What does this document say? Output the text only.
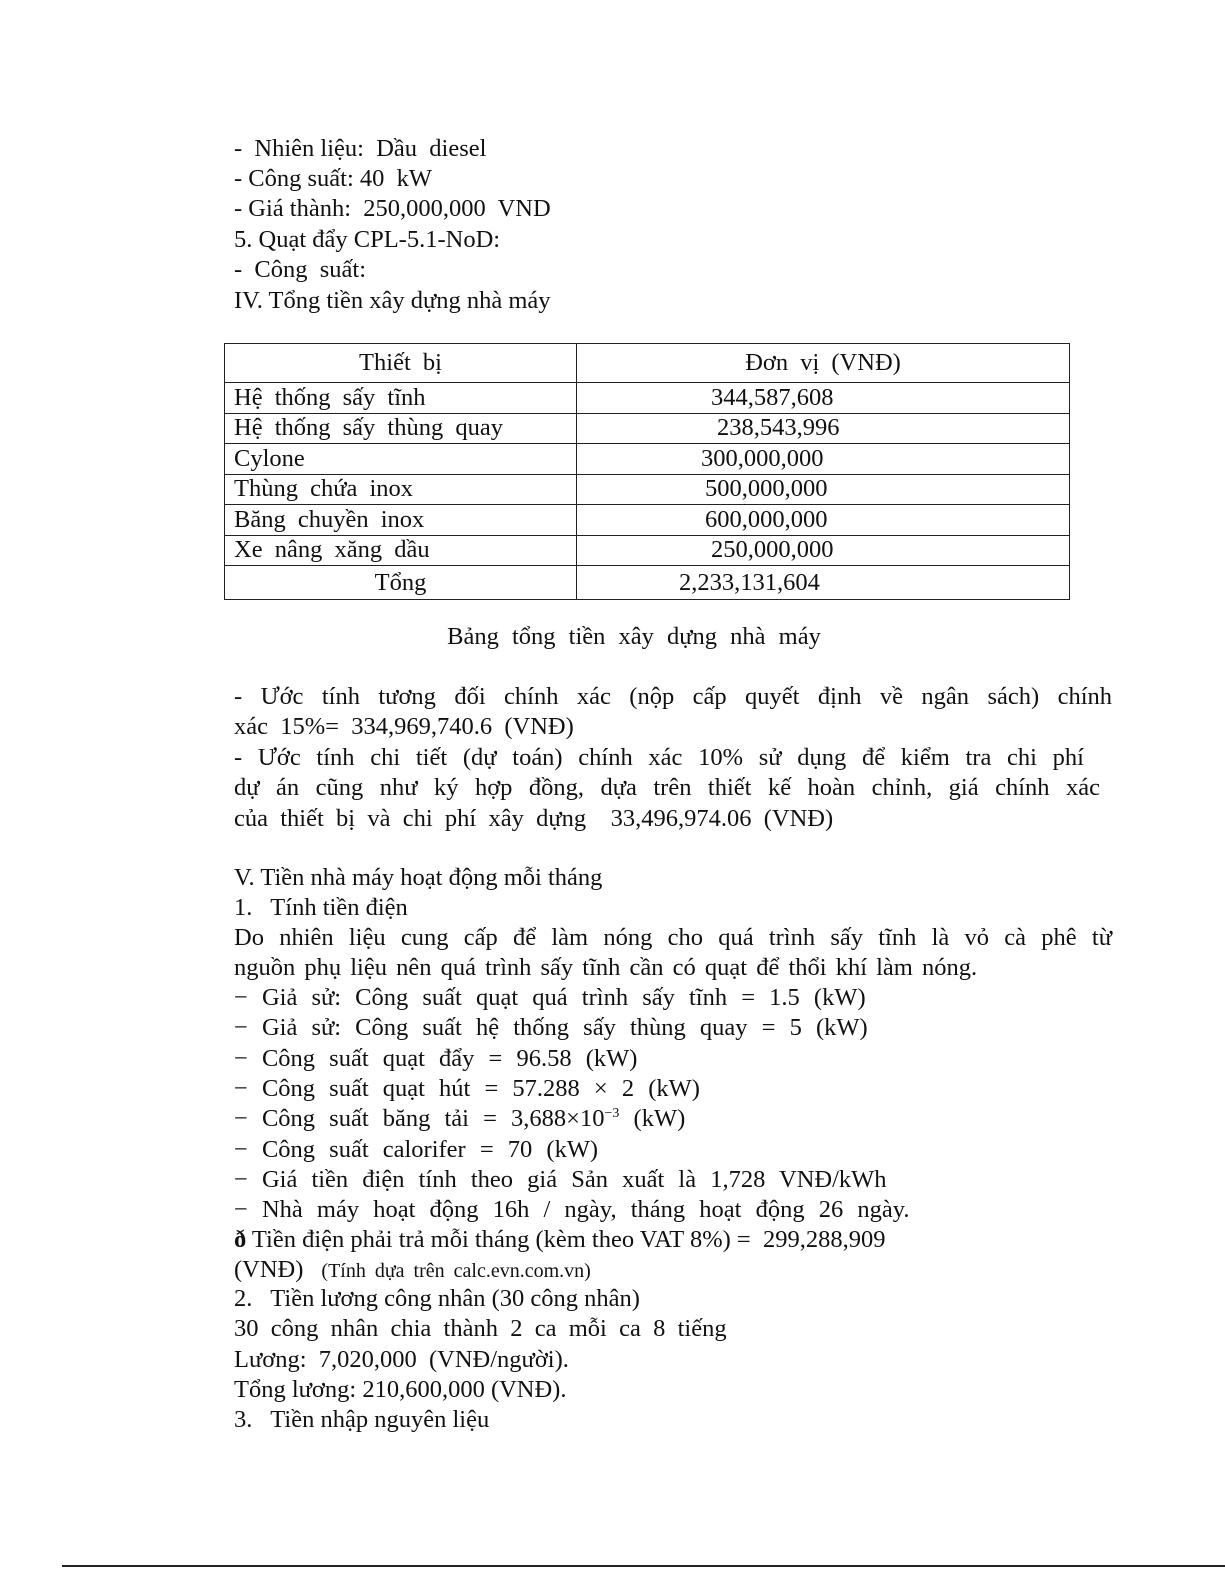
-  Nhiên liệu:  Dầu  diesel

- Công suất: 40  kW

- Giá thành:  250,000,000  VND

5. Quạt đẩy CPL-5.1-NoD:

-  Công  suất:

IV. Tổng tiền xây dựng nhà máy

Thiết bị	Đơn vị (VNĐ)
Hệ thống sấy tĩnh	344,587,608
Hệ thống sấy thùng quay	238,543,996
Cylone	300,000,000
Thùng chứa inox	500,000,000
Băng chuyền inox	600,000,000
Xe nâng xăng dầu	250,000,000
Tổng	2,233,131,604
Bảng tổng tiền xây dựng nhà máy

- Ước tính tương đối chính xác (nộp cấp quyết định về ngân sách) chính

xác  15%=  334,969,740.6  (VNĐ)

- Ước tính chi tiết (dự toán) chính xác 10% sử dụng để kiểm tra chi phí

dự án cũng như ký hợp đồng, dựa trên thiết kế hoàn chỉnh, giá chính xác

của  thiết  bị  và  chi  phí  xây  dựng    33,496,974.06  (VNĐ)

V. Tiền nhà máy hoạt động mỗi tháng

1.   Tính tiền điện

Do nhiên liệu cung cấp để làm nóng cho quá trình sấy tĩnh là vỏ cà phê từ

nguồn phụ liệu nên quá trình sấy tĩnh cần có quạt để thổi khí làm nóng.

− Giả sử: Công suất quạt quá trình sấy tĩnh = 1.5 (kW)

− Giả sử: Công suất hệ thống sấy thùng quay = 5 (kW)

− Công suất quạt đẩy = 96.58 (kW)

− Công suất quạt hút = 57.288 × 2 (kW)

− Công suất băng tải = $3,688\times 10^{-3}$ (kW)

− Công suất calorifer = 70 (kW)

− Giá tiền điện tính theo giá Sản xuất là 1,728 VNĐ/kWh

− Nhà máy hoạt động 16h / ngày, tháng hoạt động 26 ngày.

ð Tiền điện phải trả mỗi tháng (kèm theo VAT 8%) =  299,288,909

(VNĐ)  (Tính dựa trên calc.evn.com.vn)

2.   Tiền lương công nhân (30 công nhân)

30  công  nhân  chia  thành  2  ca  mỗi  ca  8  tiếng

Lương:  7,020,000  (VNĐ/người).

Tổng lương: 210,600,000 (VNĐ).

3.   Tiền nhập nguyên liệu
